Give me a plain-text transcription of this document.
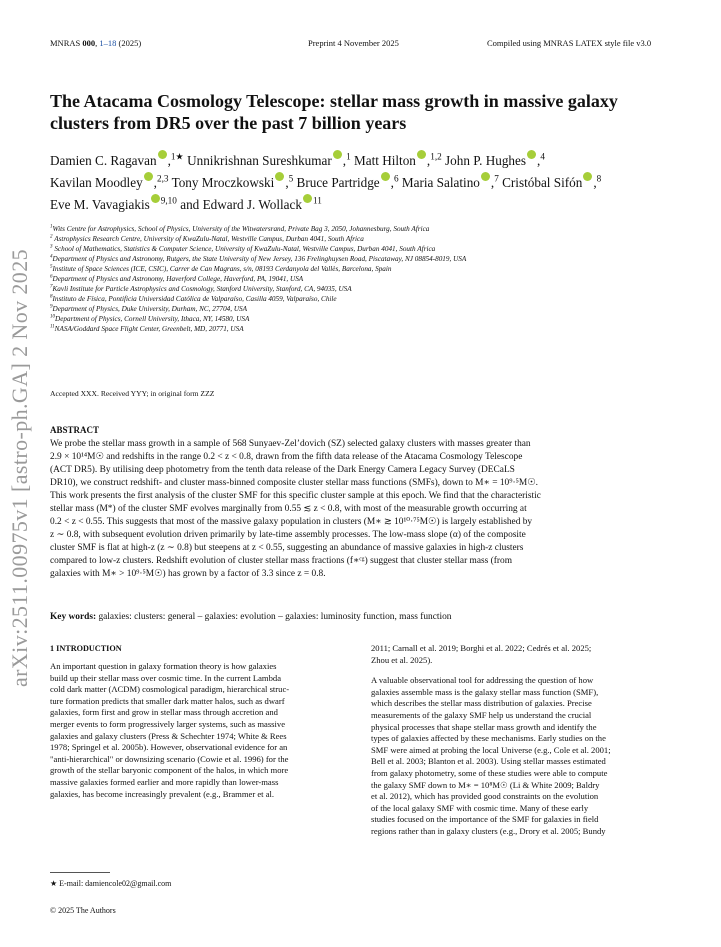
MNRAS 000, 1–18 (2025)	Preprint 4 November 2025	Compiled using MNRAS LATEX style file v3.0
arXiv:2511.00975v1 [astro-ph.GA] 2 Nov 2025
The Atacama Cosmology Telescope: stellar mass growth in massive galaxy clusters from DR5 over the past 7 billion years
Damien C. Ragavan ,$^{1★}$ Unnikrishnan Sureshkumar ,$^1$ Matt Hilton ,$^{1,2}$ John P. Hughes ,$^4$
Kavilan Moodley ,$^{2,3}$ Tony Mroczkowski ,$^5$ Bruce Partridge ,$^6$ Maria Salatino ,$^7$ Cristóbal Sifón ,$^8$
Eve M. Vavagiakis $^{9,10}$ and Edward J. Wollack $^{11}$
$^1$Wits Centre for Astrophysics, School of Physics, University of the Witwatersrand, Private Bag 3, 2050, Johannesburg, South Africa
$^2$ Astrophysics Research Centre, University of KwaZulu-Natal, Westville Campus, Durban 4041, South Africa
$^3$ School of Mathematics, Statistics & Computer Science, University of KwaZulu-Natal, Westville Campus, Durban 4041, South Africa
$^4$Department of Physics and Astronomy, Rutgers, the State University of New Jersey, 136 Frelinghuysen Road, Piscataway, NJ 08854-8019, USA
$^5$Institute of Space Sciences (ICE, CSIC), Carrer de Can Magrans, s/n, 08193 Cerdanyola del Vallès, Barcelona, Spain
$^6$Department of Physics and Astronomy, Haverford College, Haverford, PA, 19041, USA
$^7$Kavli Institute for Particle Astrophysics and Cosmology, Stanford University, Stanford, CA, 94035, USA
$^8$Instituto de Física, Pontificia Universidad Católica de Valparaíso, Casilla 4059, Valparaíso, Chile
$^9$Department of Physics, Duke University, Durham, NC, 27704, USA
$^{10}$Department of Physics, Cornell University, Ithaca, NY, 14580, USA
$^{11}$NASA/Goddard Space Flight Center, Greenbelt, MD, 20771, USA
Accepted XXX. Received YYY; in original form ZZZ
ABSTRACT
We probe the stellar mass growth in a sample of 568 Sunyaev-Zel’dovich (SZ) selected galaxy clusters with masses greater than
2.9 × 10¹⁴M☉ and redshifts in the range 0.2 < z < 0.8, drawn from the fifth data release of the Atacama Cosmology Telescope
(ACT DR5). By utilising deep photometry from the tenth data release of the Dark Energy Camera Legacy Survey (DECaLS
DR10), we construct redshift- and cluster mass-binned composite cluster stellar mass functions (SMFs), down to M∗ = 10⁹·⁵M☉.
This work presents the first analysis of the cluster SMF for this specific cluster sample at this epoch. We find that the characteristic
stellar mass (M*) of the cluster SMF evolves marginally from 0.55 ≲ z < 0.8, with most of the measurable growth occurring at
0.2 < z < 0.55. This suggests that most of the massive galaxy population in clusters (M∗ ≳ 10¹⁰·⁷⁵M☉) is largely established by
z ∼ 0.8, with subsequent evolution driven primarily by late-time assembly processes. The low-mass slope (α) of the composite
cluster SMF is flat at high-z (z ∼ 0.8) but steepens at z < 0.55, suggesting an abundance of massive galaxies in high-z clusters
compared to low-z clusters. Redshift evolution of cluster stellar mass fractions (f∗ᶜᵍ) suggest that cluster stellar mass (from
galaxies with M∗ > 10⁹·⁵M☉) has grown by a factor of 3.3 since z = 0.8.
Key words: galaxies: clusters: general – galaxies: evolution – galaxies: luminosity function, mass function
1 INTRODUCTION
An important question in galaxy formation theory is how galaxies
build up their stellar mass over cosmic time. In the current Lambda
cold dark matter (ΛCDM) cosmological paradigm, hierarchical struc-
ture formation predicts that smaller dark matter halos, such as dwarf
galaxies, form first and grow in stellar mass through accretion and
merger events to form progressively larger systems, such as massive
galaxies and galaxy clusters (Press & Schechter 1974; White & Rees
1978; Springel et al. 2005b). However, observational evidence for an
"anti-hierarchical" or downsizing scenario (Cowie et al. 1996) for the
growth of the stellar baryonic component of the halos, in which more
massive galaxies formed earlier and more rapidly than lower-mass
galaxies, has become increasingly prevalent (e.g., Brammer et al.
2011; Carnall et al. 2019; Borghi et al. 2022; Cedrés et al. 2025;
Zhou et al. 2025).
A valuable observational tool for addressing the question of how
galaxies assemble mass is the galaxy stellar mass function (SMF),
which describes the stellar mass distribution of galaxies. Precise
measurements of the galaxy SMF help us understand the crucial
physical processes that shape stellar mass growth and identify the
types of galaxies affected by these mechanisms. Early studies on the
SMF were aimed at probing the local Universe (e.g., Cole et al. 2001;
Bell et al. 2003; Blanton et al. 2003). Using stellar masses estimated
from galaxy photometry, some of these studies were able to compute
the galaxy SMF down to M∗ = 10⁸M☉ (Li & White 2009; Baldry
et al. 2012), which has provided good constraints on the evolution
of the local galaxy SMF with cosmic time. Many of these early
studies focused on the importance of the SMF for galaxies in field
regions rather than in galaxy clusters (e.g., Drory et al. 2005; Bundy
★ E-mail: damiencole02@gmail.com
© 2025 The Authors
